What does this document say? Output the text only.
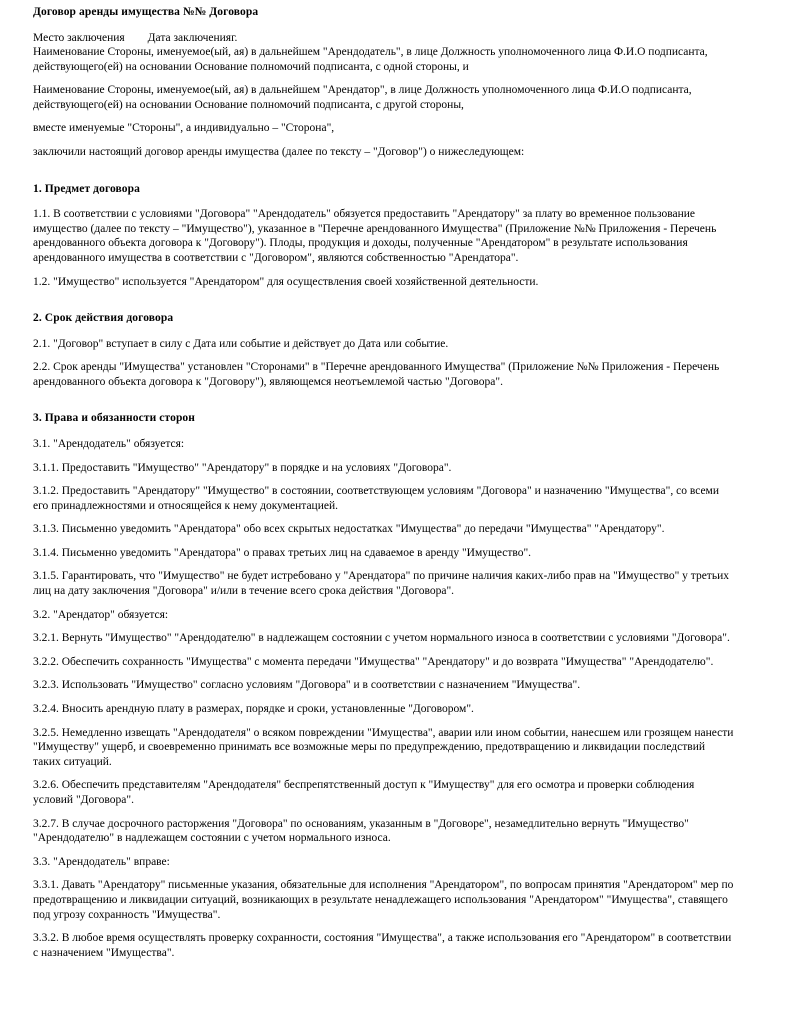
Договор аренды имущества №№ Договора

Место заключения        Дата заключенияг.

Наименование Стороны, именуемое(ый, ая) в дальнейшем "Арендодатель", в лице Должность уполномоченного лица Ф.И.О подписанта, действующего(ей) на основании Основание полномочий подписанта, с одной стороны, и

Наименование Стороны, именуемое(ый, ая) в дальнейшем "Арендатор", в лице Должность уполномоченного лица Ф.И.О подписанта, действующего(ей) на основании Основание полномочий подписанта, с другой стороны,

вместе именуемые "Стороны", а индивидуально – "Сторона",

заключили настоящий договор аренды имущества (далее по тексту – "Договор") о нижеследующем:

1. Предмет договора

1.1. В соответствии с условиями "Договора" "Арендодатель" обязуется предоставить "Арендатору" за плату во временное пользование имущество (далее по тексту – "Имущество"), указанное в "Перечне арендованного Имущества" (Приложение №№ Приложения - Перечень арендованного объекта договора к "Договору"). Плоды, продукция и доходы, полученные "Арендатором" в результате использования арендованного имущества в соответствии с "Договором", являются собственностью "Арендатора".

1.2. "Имущество" используется "Арендатором" для осуществления своей хозяйственной деятельности.

2. Срок действия договора

2.1. "Договор" вступает в силу с Дата или событие и действует до Дата или событие.

2.2. Срок аренды "Имущества" установлен "Сторонами" в "Перечне арендованного Имущества" (Приложение №№ Приложения - Перечень арендованного объекта договора к "Договору"), являющемся неотъемлемой частью "Договора".

3. Права и обязанности сторон

3.1. "Арендодатель" обязуется:

3.1.1. Предоставить "Имущество" "Арендатору" в порядке и на условиях "Договора".

3.1.2. Предоставить "Арендатору" "Имущество" в состоянии, соответствующем условиям "Договора" и назначению "Имущества", со всеми его принадлежностями и относящейся к нему документацией.

3.1.3. Письменно уведомить "Арендатора" обо всех скрытых недостатках "Имущества" до передачи "Имущества" "Арендатору".

3.1.4. Письменно уведомить "Арендатора" о правах третьих лиц на сдаваемое в аренду "Имущество".

3.1.5. Гарантировать, что "Имущество" не будет истребовано у "Арендатора" по причине наличия каких-либо прав на "Имущество" у третьих лиц на дату заключения "Договора" и/или в течение всего срока действия "Договора".

3.2. "Арендатор" обязуется:

3.2.1. Вернуть "Имущество" "Арендодателю" в надлежащем состоянии с учетом нормального износа в соответствии с условиями "Договора".

3.2.2. Обеспечить сохранность "Имущества" с момента передачи "Имущества" "Арендатору" и до возврата "Имущества" "Арендодателю".

3.2.3. Использовать "Имущество" согласно условиям "Договора" и в соответствии с назначением "Имущества".

3.2.4. Вносить арендную плату в размерах, порядке и сроки, установленные "Договором".

3.2.5. Немедленно извещать "Арендодателя" о всяком повреждении "Имущества", аварии или ином событии, нанесшем или грозящем нанести "Имуществу" ущерб, и своевременно принимать все возможные меры по предупреждению, предотвращению и ликвидации последствий таких ситуаций.

3.2.6. Обеспечить представителям "Арендодателя" беспрепятственный доступ к "Имуществу" для его осмотра и проверки соблюдения условий "Договора".

3.2.7. В случае досрочного расторжения "Договора" по основаниям, указанным в "Договоре", незамедлительно вернуть "Имущество" "Арендодателю" в надлежащем состоянии с учетом нормального износа.

3.3. "Арендодатель" вправе:

3.3.1. Давать "Арендатору" письменные указания, обязательные для исполнения "Арендатором", по вопросам принятия "Арендатором" мер по предотвращению и ликвидации ситуаций, возникающих в результате ненадлежащего использования "Арендатором" "Имущества", ставящего под угрозу сохранность "Имущества".

3.3.2. В любое время осуществлять проверку сохранности, состояния "Имущества", а также использования его "Арендатором" в соответствии с назначением "Имущества".
